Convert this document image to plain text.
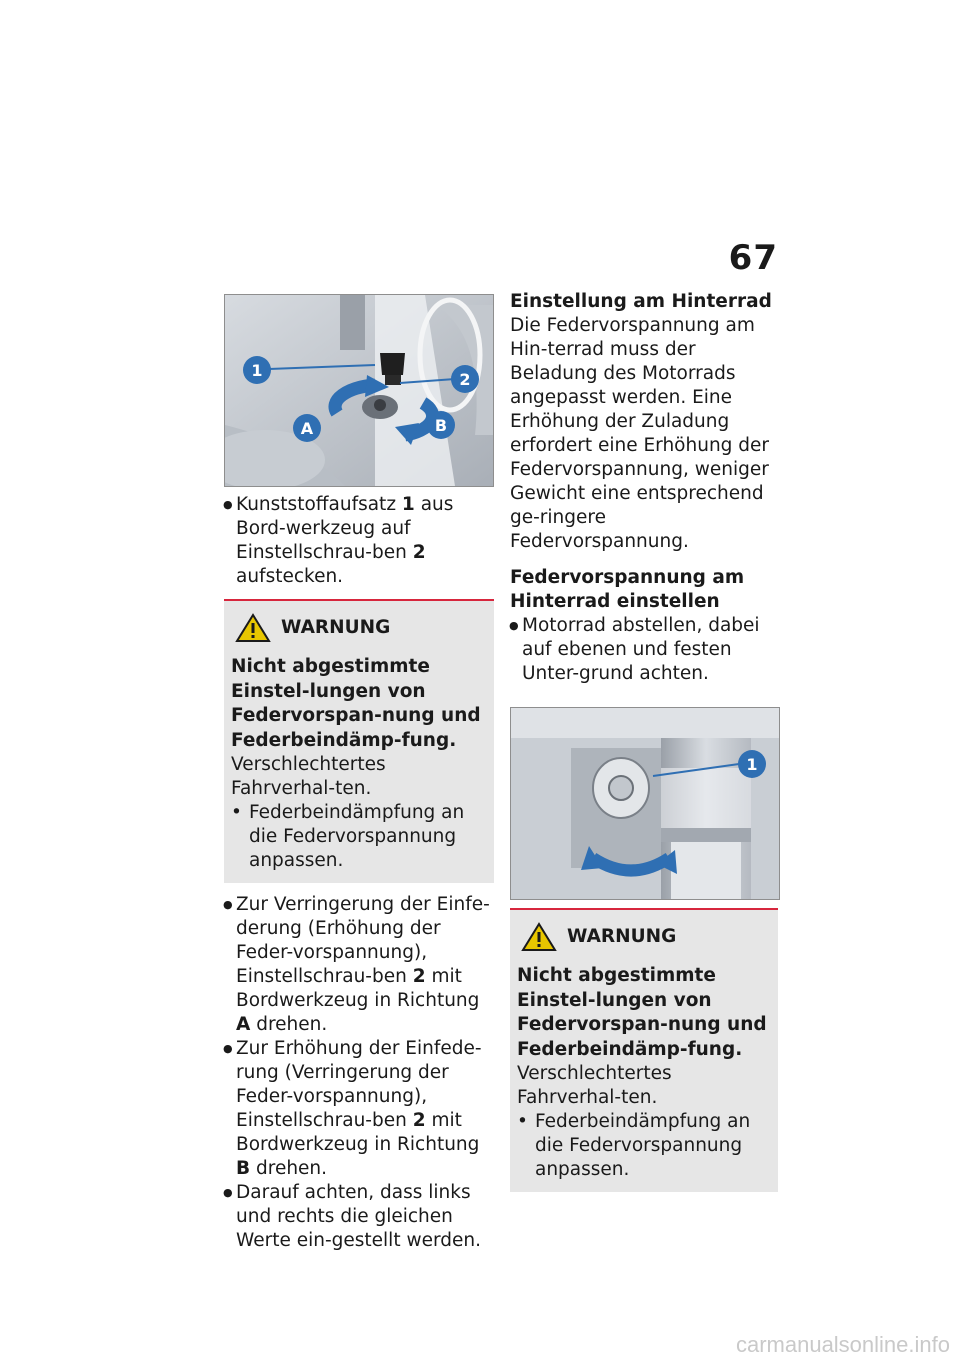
67
1	2
A	B
● Kunststoffaufsatz 1 aus Bord-werkzeug auf Einstellschrau-ben 2 aufstecken.
WARNUNG
Nicht abgestimmte Einstel-lungen von Federvorspan-nung und Federbeindämp-fung.
Verschlechtertes Fahrverhal-ten.
• Federbeindämpfung an die Federvorspannung anpassen.
● Zur Verringerung der Einfe-derung (Erhöhung der Feder-vorspannung), Einstellschrau-ben 2 mit Bordwerkzeug in Richtung A drehen.
● Zur Erhöhung der Einfede-rung (Verringerung der Feder-vorspannung), Einstellschrau-ben 2 mit Bordwerkzeug in Richtung B drehen.
● Darauf achten, dass links und rechts die gleichen Werte ein-gestellt werden.
Einstellung am Hinterrad
Die Federvorspannung am Hin-terrad muss der Beladung des Motorrads angepasst werden. Eine Erhöhung der Zuladung erfordert eine Erhöhung der Federvorspannung, weniger Gewicht eine entsprechend ge-ringere Federvorspannung.
Federvorspannung am
Hinterrad einstellen
● Motorrad abstellen, dabei auf ebenen und festen Unter-grund achten.
1
WARNUNG
Nicht abgestimmte Einstel-lungen von Federvorspan-nung und Federbeindämp-fung.
Verschlechtertes Fahrverhal-ten.
• Federbeindämpfung an die Federvorspannung anpassen.
carmanualsonline.info
